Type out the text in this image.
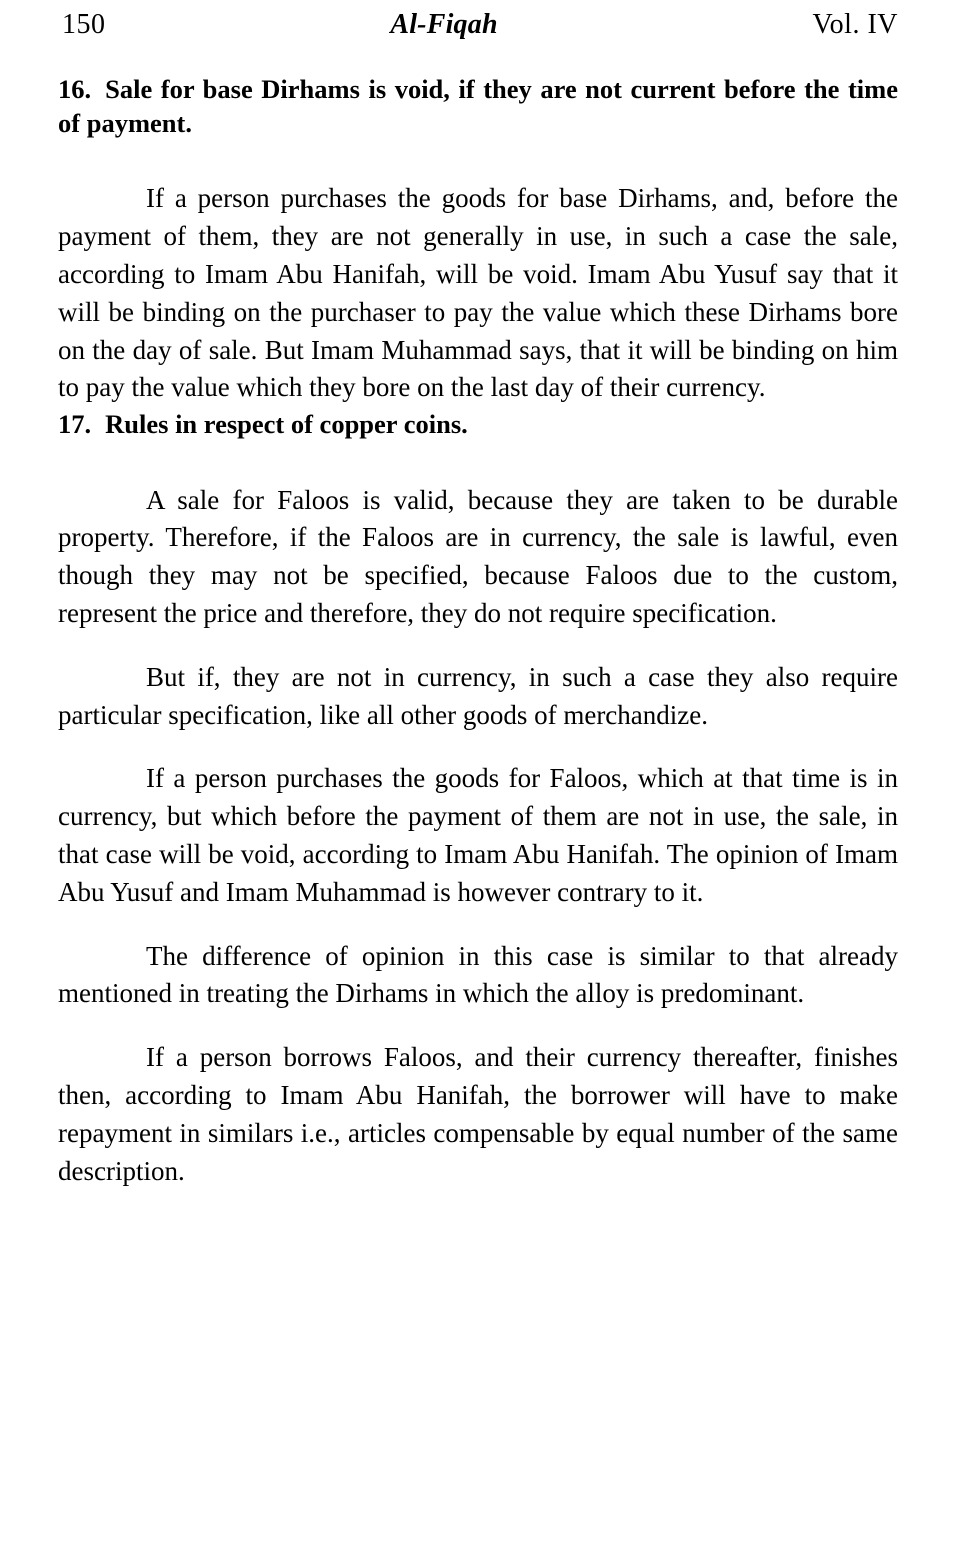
150	Al-Fiqah	Vol. IV
16. Sale for base Dirhams is void, if they are not current before the time of payment.

If a person purchases the goods for base Dirhams, and, before the payment of them, they are not generally in use, in such a case the sale, according to Imam Abu Hanifah, will be void. Imam Abu Yusuf say that it will be binding on the purchaser to pay the value which these Dirhams bore on the day of sale. But Imam Muhammad says, that it will be binding on him to pay the value which they bore on the last day of their currency.

17. Rules in respect of copper coins.

A sale for Faloos is valid, because they are taken to be durable property. Therefore, if the Faloos are in currency, the sale is lawful, even though they may not be specified, because Faloos due to the custom, represent the price and therefore, they do not require specification.

But if, they are not in currency, in such a case they also require particular specification, like all other goods of merchandize.

If a person purchases the goods for Faloos, which at that time is in currency, but which before the payment of them are not in use, the sale, in that case will be void, according to Imam Abu Hanifah. The opinion of Imam Abu Yusuf and Imam Muhammad is however contrary to it.

The difference of opinion in this case is similar to that already mentioned in treating the Dirhams in which the alloy is predominant.

If a person borrows Faloos, and their currency thereafter, finishes then, according to Imam Abu Hanifah, the borrower will have to make repayment in similars i.e., articles compensable by equal number of the same description.
